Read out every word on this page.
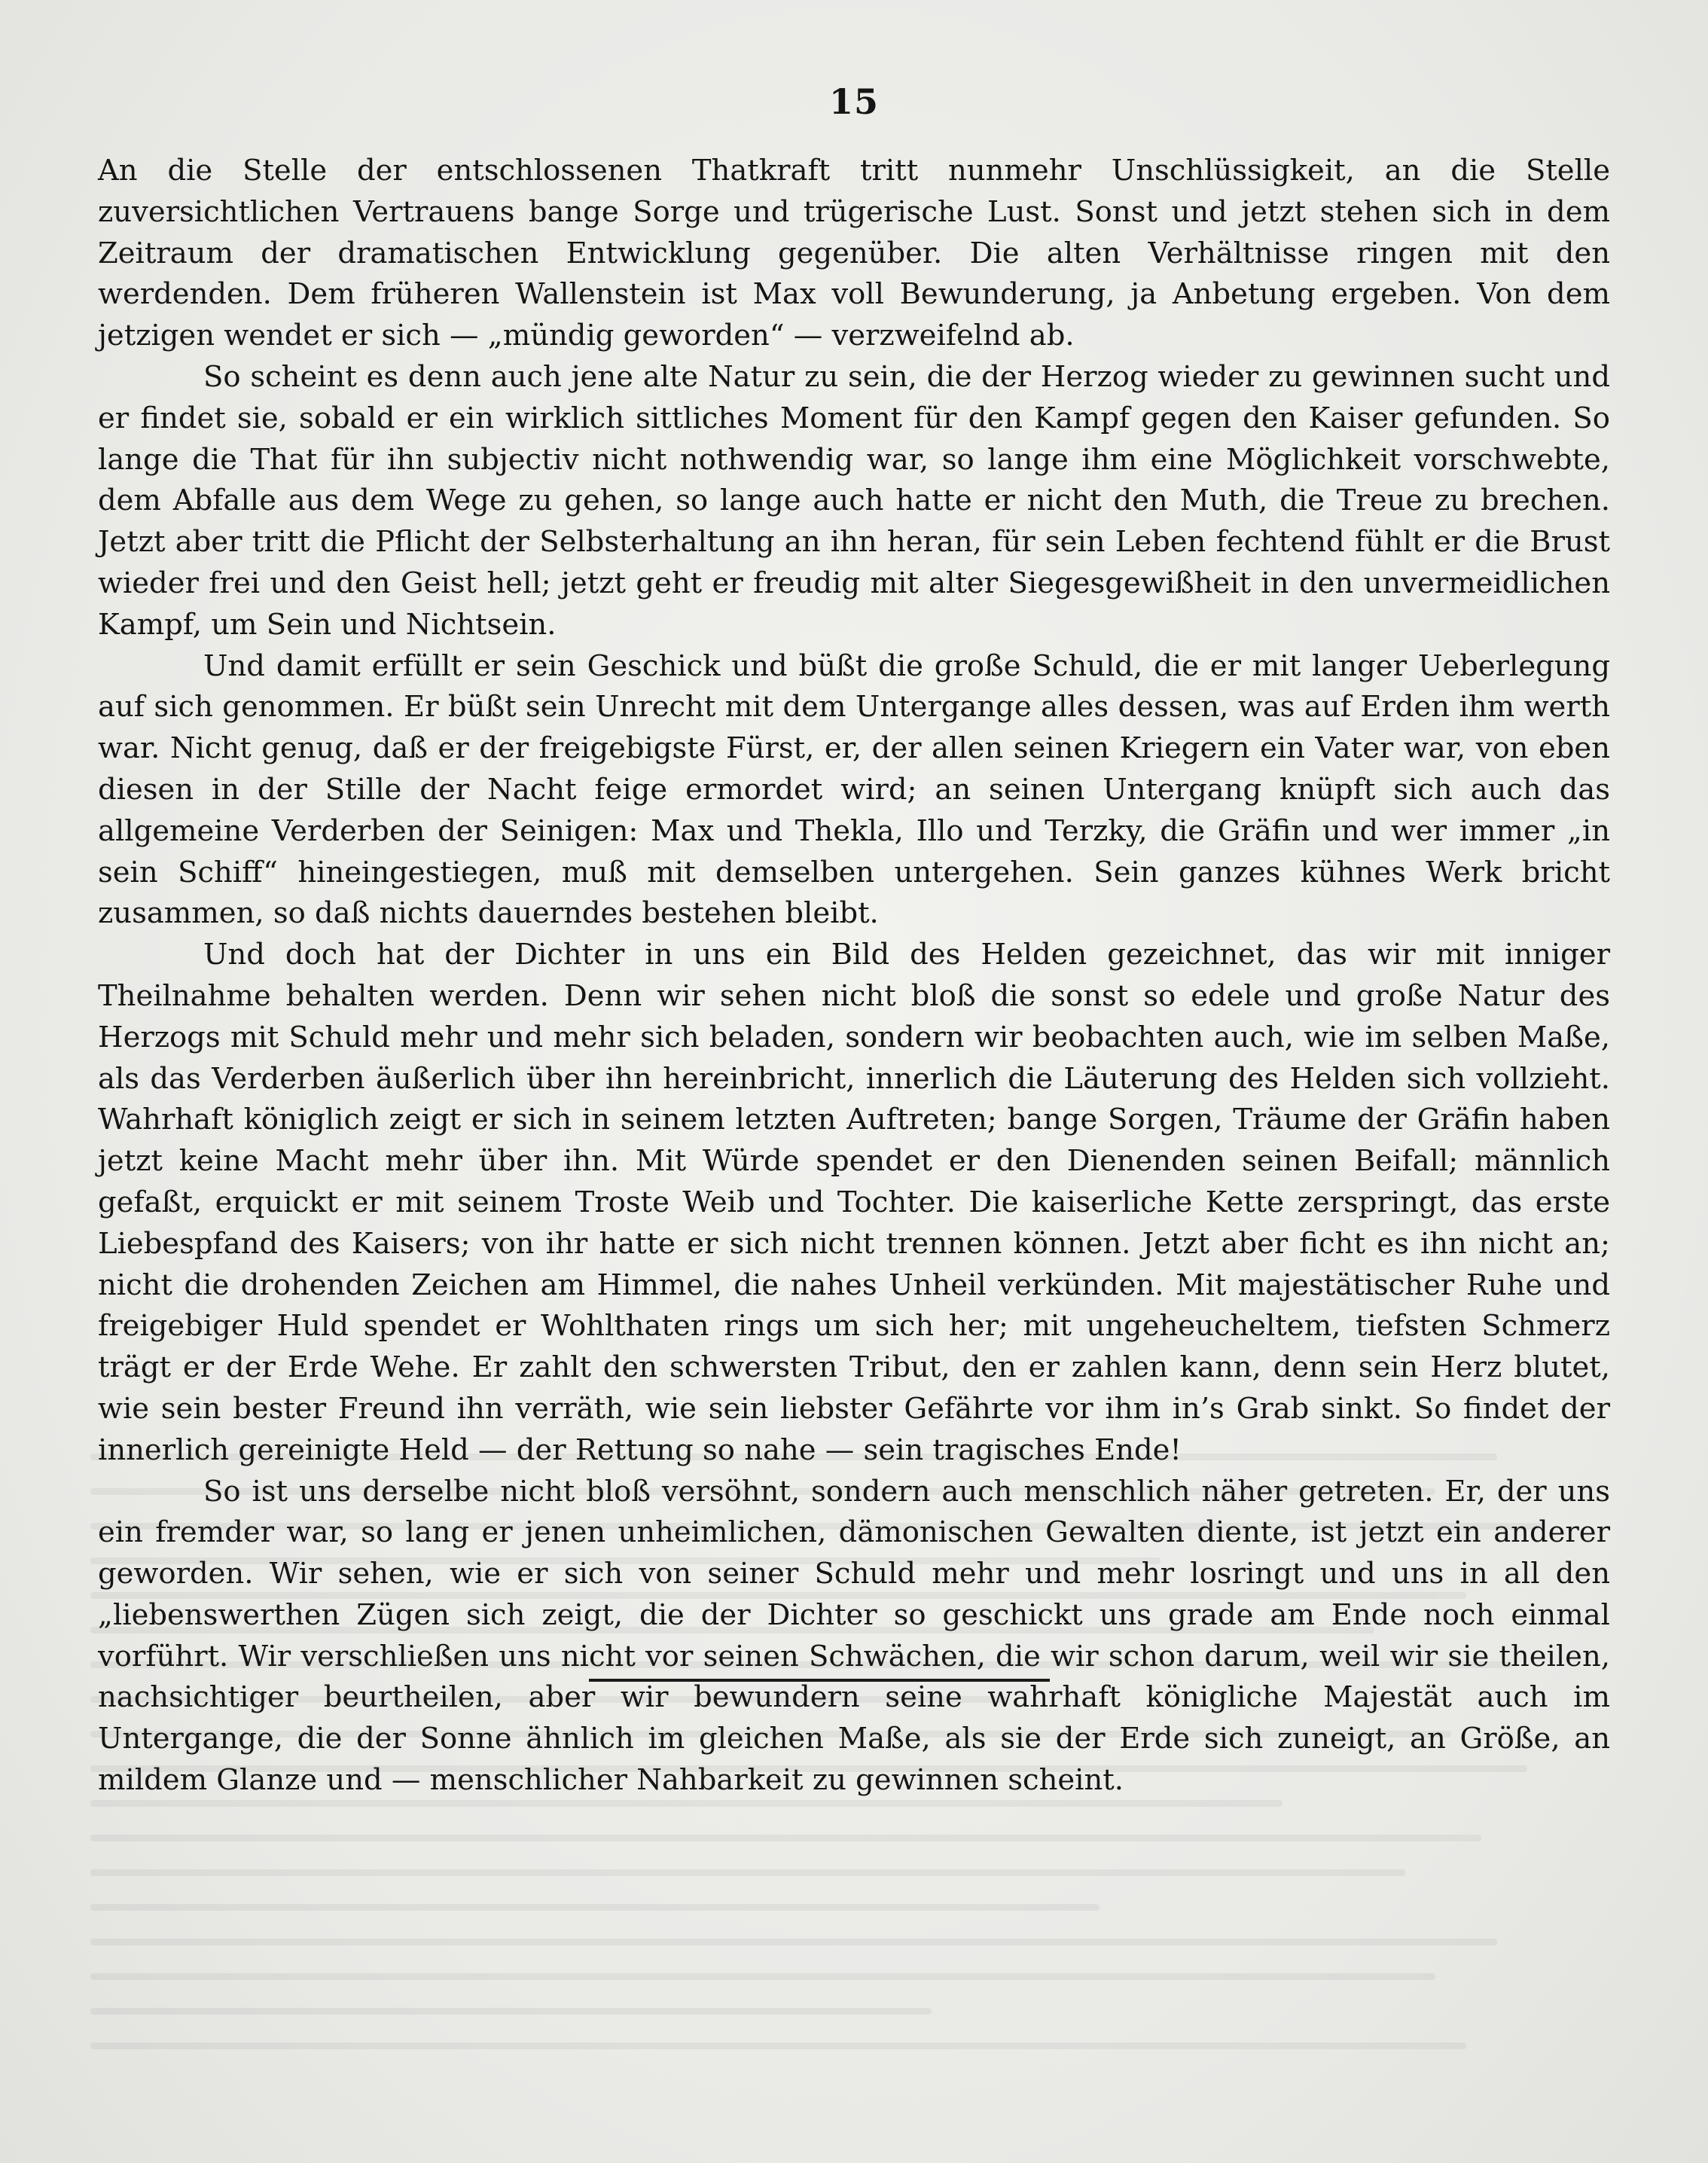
15

An die Stelle der entschlossenen Thatkraft tritt nunmehr Unschlüssigkeit, an die Stelle zuversichtlichen Vertrauens bange Sorge und trügerische Lust. Sonst und jetzt stehen sich in dem Zeitraum der dramatischen Entwicklung gegenüber. Die alten Verhältnisse ringen mit den werdenden. Dem früheren Wallenstein ist Max voll Bewunderung, ja Anbetung ergeben. Von dem jetzigen wendet er sich — „mündig geworden“ — verzweifelnd ab.

So scheint es denn auch jene alte Natur zu sein, die der Herzog wieder zu gewinnen sucht und er findet sie, sobald er ein wirklich sittliches Moment für den Kampf gegen den Kaiser gefunden. So lange die That für ihn subjectiv nicht nothwendig war, so lange ihm eine Möglichkeit vorschwebte, dem Abfalle aus dem Wege zu gehen, so lange auch hatte er nicht den Muth, die Treue zu brechen. Jetzt aber tritt die Pflicht der Selbsterhaltung an ihn heran, für sein Leben fechtend fühlt er die Brust wieder frei und den Geist hell; jetzt geht er freudig mit alter Siegesgewißheit in den unvermeidlichen Kampf, um Sein und Nichtsein.

Und damit erfüllt er sein Geschick und büßt die große Schuld, die er mit langer Ueberlegung auf sich genommen. Er büßt sein Unrecht mit dem Untergange alles dessen, was auf Erden ihm werth war. Nicht genug, daß er der freigebigste Fürst, er, der allen seinen Kriegern ein Vater war, von eben diesen in der Stille der Nacht feige ermordet wird; an seinen Untergang knüpft sich auch das allgemeine Verderben der Seinigen: Max und Thekla, Illo und Terzky, die Gräfin und wer immer „in sein Schiff“ hineingestiegen, muß mit demselben untergehen. Sein ganzes kühnes Werk bricht zusammen, so daß nichts dauerndes bestehen bleibt.

Und doch hat der Dichter in uns ein Bild des Helden gezeichnet, das wir mit inniger Theilnahme behalten werden. Denn wir sehen nicht bloß die sonst so edele und große Natur des Herzogs mit Schuld mehr und mehr sich beladen, sondern wir beobachten auch, wie im selben Maße, als das Verderben äußerlich über ihn hereinbricht, innerlich die Läuterung des Helden sich vollzieht. Wahrhaft königlich zeigt er sich in seinem letzten Auftreten; bange Sorgen, Träume der Gräfin haben jetzt keine Macht mehr über ihn. Mit Würde spendet er den Dienenden seinen Beifall; männlich gefaßt, erquickt er mit seinem Troste Weib und Tochter. Die kaiserliche Kette zerspringt, das erste Liebespfand des Kaisers; von ihr hatte er sich nicht trennen können. Jetzt aber ficht es ihn nicht an; nicht die drohenden Zeichen am Himmel, die nahes Unheil verkünden. Mit majestätischer Ruhe und freigebiger Huld spendet er Wohlthaten rings um sich her; mit ungeheucheltem, tiefsten Schmerz trägt er der Erde Wehe. Er zahlt den schwersten Tribut, den er zahlen kann, denn sein Herz blutet, wie sein bester Freund ihn verräth, wie sein liebster Gefährte vor ihm in’s Grab sinkt. So findet der innerlich gereinigte Held — der Rettung so nahe — sein tragisches Ende!

So ist uns derselbe nicht bloß versöhnt, sondern auch menschlich näher getreten. Er, der uns ein fremder war, so lang er jenen unheimlichen, dämonischen Gewalten diente, ist jetzt ein anderer geworden. Wir sehen, wie er sich von seiner Schuld mehr und mehr losringt und uns in all den „liebenswerthen Zügen sich zeigt, die der Dichter so geschickt uns grade am Ende noch einmal vorführt. Wir verschließen uns nicht vor seinen Schwächen, die wir schon darum, weil wir sie theilen, nachsichtiger beurtheilen, aber wir bewundern seine wahrhaft königliche Majestät auch im Untergange, die der Sonne ähnlich im gleichen Maße, als sie der Erde sich zuneigt, an Größe, an mildem Glanze und — menschlicher Nahbarkeit zu gewinnen scheint.
